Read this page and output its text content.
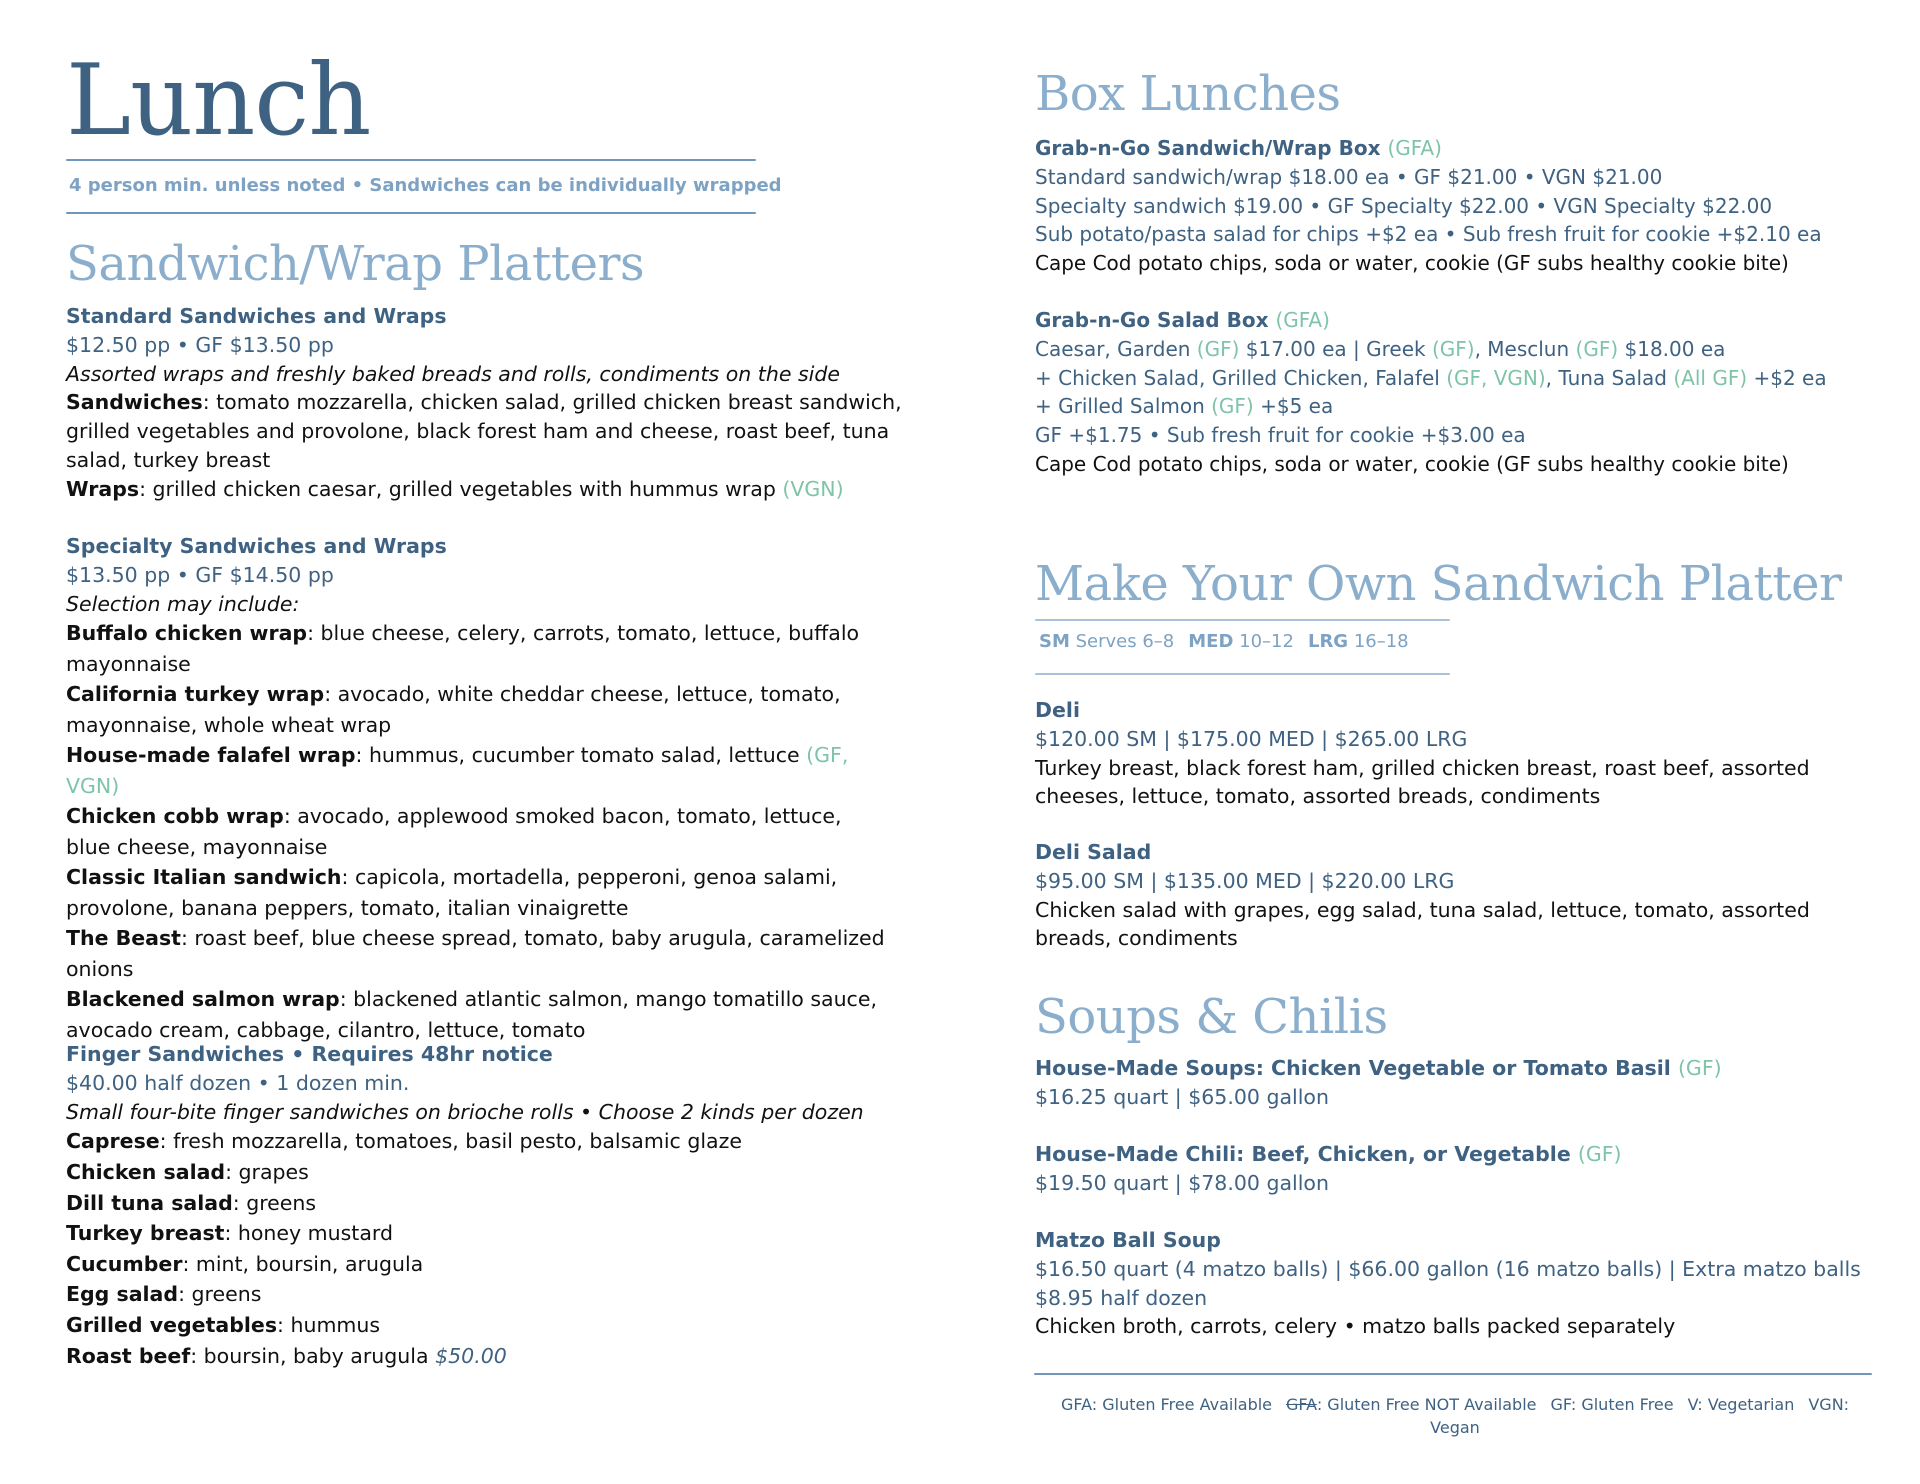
Lunch
4 person min. unless noted • Sandwiches can be individually wrapped
Sandwich/Wrap Platters
Standard Sandwiches and Wraps
$12.50 pp • GF $13.50 pp
Assorted wraps and freshly baked breads and rolls, condiments on the side
Sandwiches: tomato mozzarella, chicken salad, grilled chicken breast sandwich, grilled vegetables and provolone, black forest ham and cheese, roast beef, tuna salad, turkey breast
Wraps: grilled chicken caesar, grilled vegetables with hummus wrap (VGN)
Specialty Sandwiches and Wraps
$13.50 pp • GF $14.50 pp
Selection may include:
Buffalo chicken wrap: blue cheese, celery, carrots, tomato, lettuce, buffalo mayonnaise
California turkey wrap: avocado, white cheddar cheese, lettuce, tomato, mayonnaise, whole wheat wrap
House-made falafel wrap: hummus, cucumber tomato salad, lettuce (GF, VGN)
Chicken cobb wrap: avocado, applewood smoked bacon, tomato, lettuce, blue cheese, mayonnaise
Classic Italian sandwich: capicola, mortadella, pepperoni, genoa salami, provolone, banana peppers, tomato, italian vinaigrette
The Beast: roast beef, blue cheese spread, tomato, baby arugula, caramelized onions
Blackened salmon wrap: blackened atlantic salmon, mango tomatillo sauce, avocado cream, cabbage, cilantro, lettuce, tomato
Finger Sandwiches • Requires 48hr notice
$40.00 half dozen • 1 dozen min.
Small four-bite finger sandwiches on brioche rolls • Choose 2 kinds per dozen
Caprese: fresh mozzarella, tomatoes, basil pesto, balsamic glaze
Chicken salad: grapes
Dill tuna salad: greens
Turkey breast: honey mustard
Cucumber: mint, boursin, arugula
Egg salad: greens
Grilled vegetables: hummus
Roast beef: boursin, baby arugula $50.00
Box Lunches
Grab-n-Go Sandwich/Wrap Box (GFA)
Standard sandwich/wrap $18.00 ea • GF $21.00 • VGN $21.00
Specialty sandwich $19.00 • GF Specialty $22.00 • VGN Specialty $22.00
Sub potato/pasta salad for chips +$2 ea • Sub fresh fruit for cookie +$2.10 ea
Cape Cod potato chips, soda or water, cookie (GF subs healthy cookie bite)
Grab-n-Go Salad Box (GFA)
Caesar, Garden (GF) $17.00 ea | Greek (GF), Mesclun (GF) $18.00 ea
+ Chicken Salad, Grilled Chicken, Falafel (GF, VGN), Tuna Salad (All GF) +$2 ea
+ Grilled Salmon (GF) +$5 ea
GF +$1.75 • Sub fresh fruit for cookie +$3.00 ea
Cape Cod potato chips, soda or water, cookie (GF subs healthy cookie bite)
Make Your Own Sandwich Platter
SM Serves 6–8 MED 10–12 LRG 16–18
Deli
$120.00 SM | $175.00 MED | $265.00 LRG
Turkey breast, black forest ham, grilled chicken breast, roast beef, assorted cheeses, lettuce, tomato, assorted breads, condiments
Deli Salad
$95.00 SM | $135.00 MED | $220.00 LRG
Chicken salad with grapes, egg salad, tuna salad, lettuce, tomato, assorted breads, condiments
Soups & Chilis
House-Made Soups: Chicken Vegetable or Tomato Basil (GF)
$16.25 quart | $65.00 gallon
House-Made Chili: Beef, Chicken, or Vegetable (GF)
$19.50 quart | $78.00 gallon
Matzo Ball Soup
$16.50 quart (4 matzo balls) | $66.00 gallon (16 matzo balls) | Extra matzo balls $8.95 half dozen
Chicken broth, carrots, celery • matzo balls packed separately
GFA: Gluten Free Available GFA: Gluten Free NOT Available GF: Gluten Free V: Vegetarian VGN: Vegan
